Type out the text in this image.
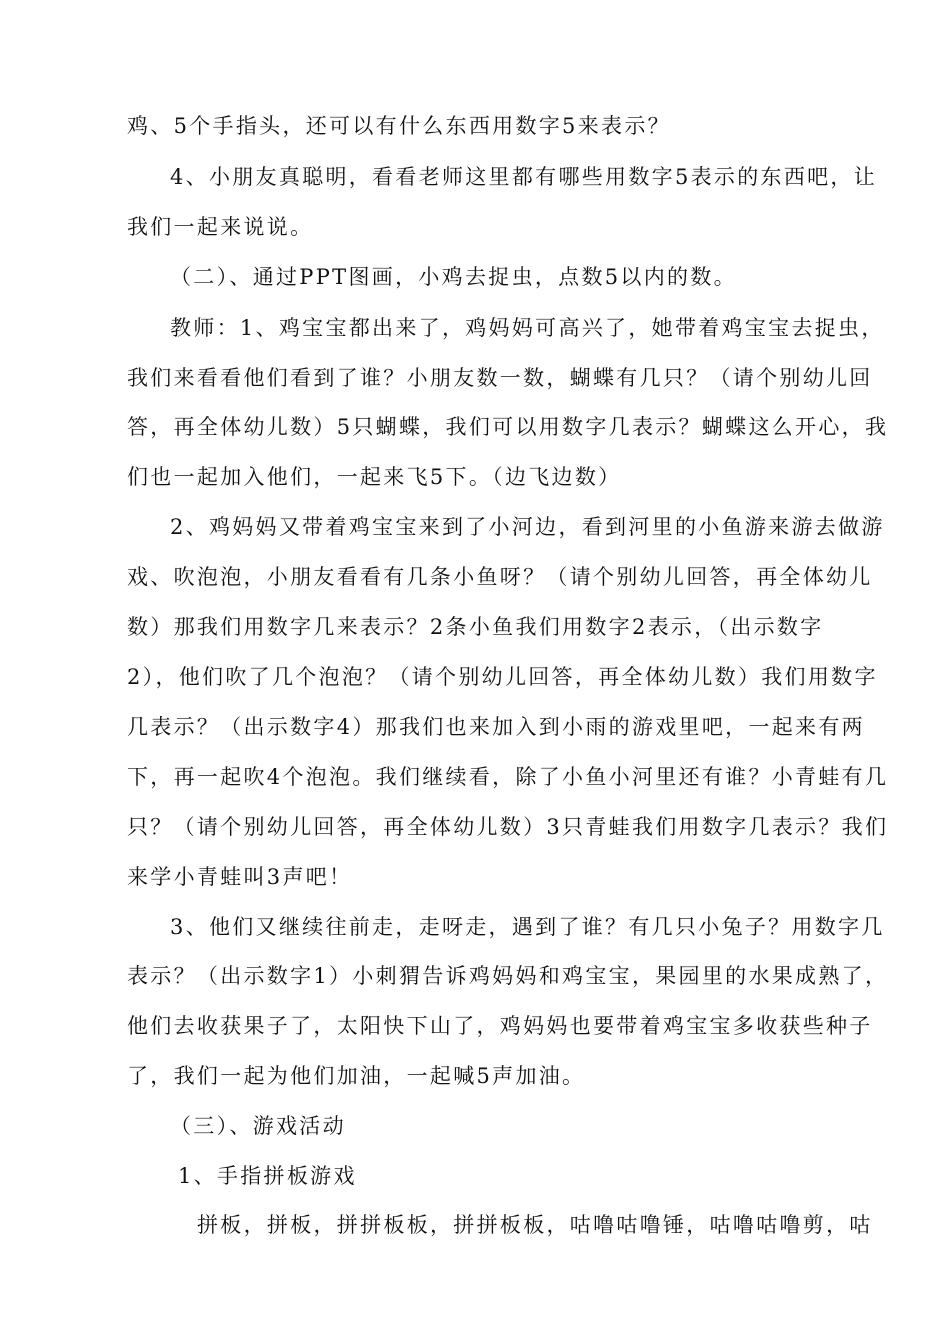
鸡、5个手指头，还可以有什么东西用数字5来表示？
4、小朋友真聪明，看看老师这里都有哪些用数字5表示的东西吧，让
我们一起来说说。
（二）、通过PPT图画，小鸡去捉虫，点数5以内的数。
教师：1、鸡宝宝都出来了，鸡妈妈可高兴了，她带着鸡宝宝去捉虫，
我们来看看他们看到了谁？小朋友数一数，蝴蝶有几只？（请个别幼儿回
答，再全体幼儿数）5只蝴蝶，我们可以用数字几表示？蝴蝶这么开心，我
们也一起加入他们，一起来飞5下。（边飞边数）
2、鸡妈妈又带着鸡宝宝来到了小河边，看到河里的小鱼游来游去做游
戏、吹泡泡，小朋友看看有几条小鱼呀？（请个别幼儿回答，再全体幼儿
数）那我们用数字几来表示？2条小鱼我们用数字2表示，（出示数字
2），他们吹了几个泡泡？（请个别幼儿回答，再全体幼儿数）我们用数字
几表示？（出示数字4）那我们也来加入到小雨的游戏里吧，一起来有两
下，再一起吹4个泡泡。我们继续看，除了小鱼小河里还有谁？小青蛙有几
只？（请个别幼儿回答，再全体幼儿数）3只青蛙我们用数字几表示？我们
来学小青蛙叫3声吧！
3、他们又继续往前走，走呀走，遇到了谁？有几只小兔子？用数字几
表示？（出示数字1）小刺猬告诉鸡妈妈和鸡宝宝，果园里的水果成熟了，
他们去收获果子了，太阳快下山了，鸡妈妈也要带着鸡宝宝多收获些种子
了，我们一起为他们加油，一起喊5声加油。
（三）、游戏活动
1、手指拼板游戏
拼板，拼板，拼拼板板，拼拼板板，咕噜咕噜锤，咕噜咕噜剪，咕
